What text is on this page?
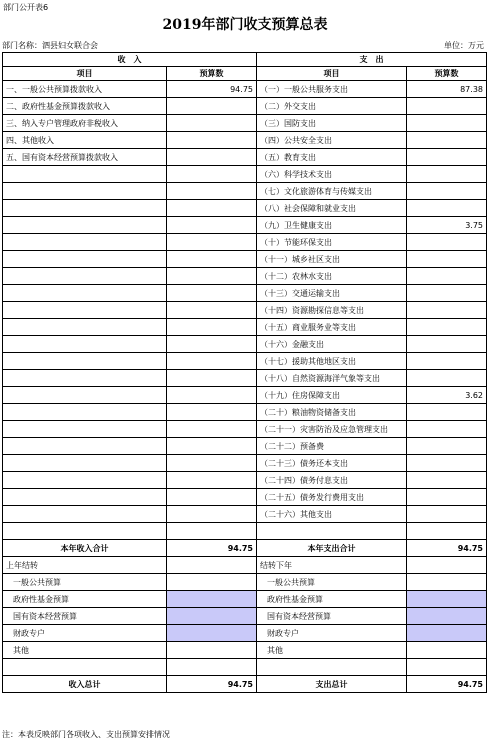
部门公开表6
2019年部门收支预算总表
部门名称：泗县妇女联合会	单位：万元
收　入		支　出	
项目	预算数	项目	预算数
一、一般公共预算拨款收入	94.75	（一）一般公共服务支出	87.38
二、政府性基金预算拨款收入		（二）外交支出	
三、纳入专户管理政府非税收入		（三）国防支出	
四、其他收入		（四）公共安全支出	
五、国有资本经营预算拨款收入		（五）教育支出	
		（六）科学技术支出	
		（七）文化旅游体育与传媒支出	
		（八）社会保障和就业支出	
		（九）卫生健康支出	3.75
		（十）节能环保支出	
		（十一）城乡社区支出	
		（十二）农林水支出	
		（十三）交通运输支出	
		（十四）资源勘探信息等支出	
		（十五）商业服务业等支出	
		（十六）金融支出	
		（十七）援助其他地区支出	
		（十八）自然资源海洋气象等支出	
		（十九）住房保障支出	3.62
		（二十）粮油物资储备支出	
		（二十一）灾害防治及应急管理支出	
		（二十二）预备费	
		（二十三）债务还本支出	
		（二十四）债务付息支出	
		（二十五）债务发行费用支出	
		（二十六）其他支出	

本年收入合计	94.75	本年支出合计	94.75
上年结转		结转下年	
一般公共预算		一般公共预算	
政府性基金预算		政府性基金预算	
国有资本经营预算		国有资本经营预算	
财政专户		财政专户	
其他		其他	

收入总计	94.75	支出总计	94.75
注：本表反映部门各项收入、支出预算安排情况
